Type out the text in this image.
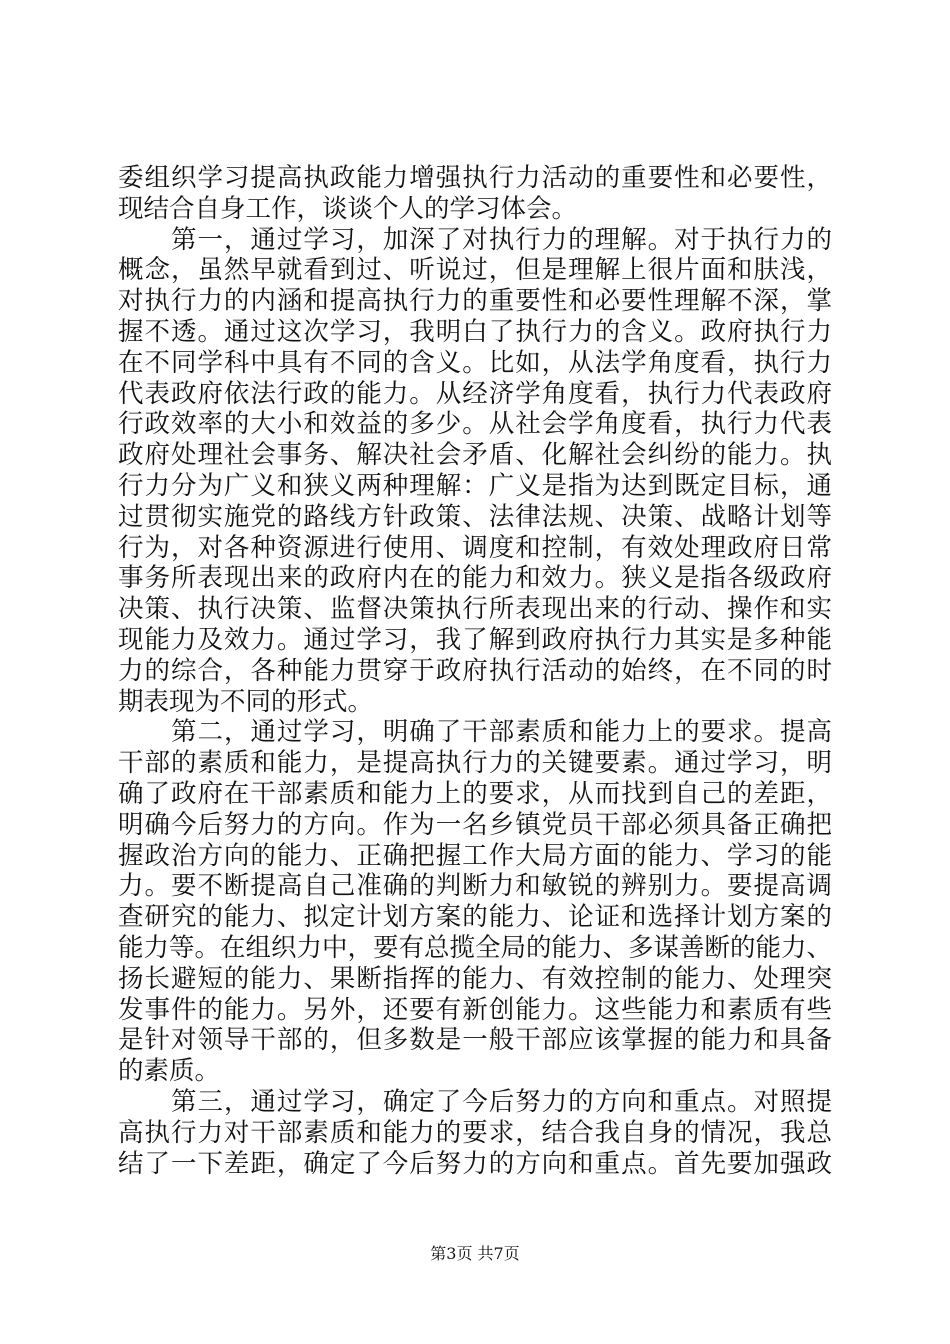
委组织学习提高执政能力增强执行力活动的重要性和必要性，
现结合自身工作，谈谈个人的学习体会。
第一，通过学习，加深了对执行力的理解。对于执行力的
概念，虽然早就看到过、听说过，但是理解上很片面和肤浅，
对执行力的内涵和提高执行力的重要性和必要性理解不深，掌
握不透。通过这次学习，我明白了执行力的含义。政府执行力
在不同学科中具有不同的含义。比如，从法学角度看，执行力
代表政府依法行政的能力。从经济学角度看，执行力代表政府
行政效率的大小和效益的多少。从社会学角度看，执行力代表
政府处理社会事务、解决社会矛盾、化解社会纠纷的能力。执
行力分为广义和狭义两种理解：广义是指为达到既定目标，通
过贯彻实施党的路线方针政策、法律法规、决策、战略计划等
行为，对各种资源进行使用、调度和控制，有效处理政府日常
事务所表现出来的政府内在的能力和效力。狭义是指各级政府
决策、执行决策、监督决策执行所表现出来的行动、操作和实
现能力及效力。通过学习，我了解到政府执行力其实是多种能
力的综合，各种能力贯穿于政府执行活动的始终，在不同的时
期表现为不同的形式。
第二，通过学习，明确了干部素质和能力上的要求。提高
干部的素质和能力，是提高执行力的关键要素。通过学习，明
确了政府在干部素质和能力上的要求，从而找到自己的差距，
明确今后努力的方向。作为一名乡镇党员干部必须具备正确把
握政治方向的能力、正确把握工作大局方面的能力、学习的能
力。要不断提高自己准确的判断力和敏锐的辨别力。要提高调
查研究的能力、拟定计划方案的能力、论证和选择计划方案的
能力等。在组织力中，要有总揽全局的能力、多谋善断的能力、
扬长避短的能力、果断指挥的能力、有效控制的能力、处理突
发事件的能力。另外，还要有新创能力。这些能力和素质有些
是针对领导干部的，但多数是一般干部应该掌握的能力和具备
的素质。
第三，通过学习，确定了今后努力的方向和重点。对照提
高执行力对干部素质和能力的要求，结合我自身的情况，我总
结了一下差距，确定了今后努力的方向和重点。首先要加强政
第3页 共7页
